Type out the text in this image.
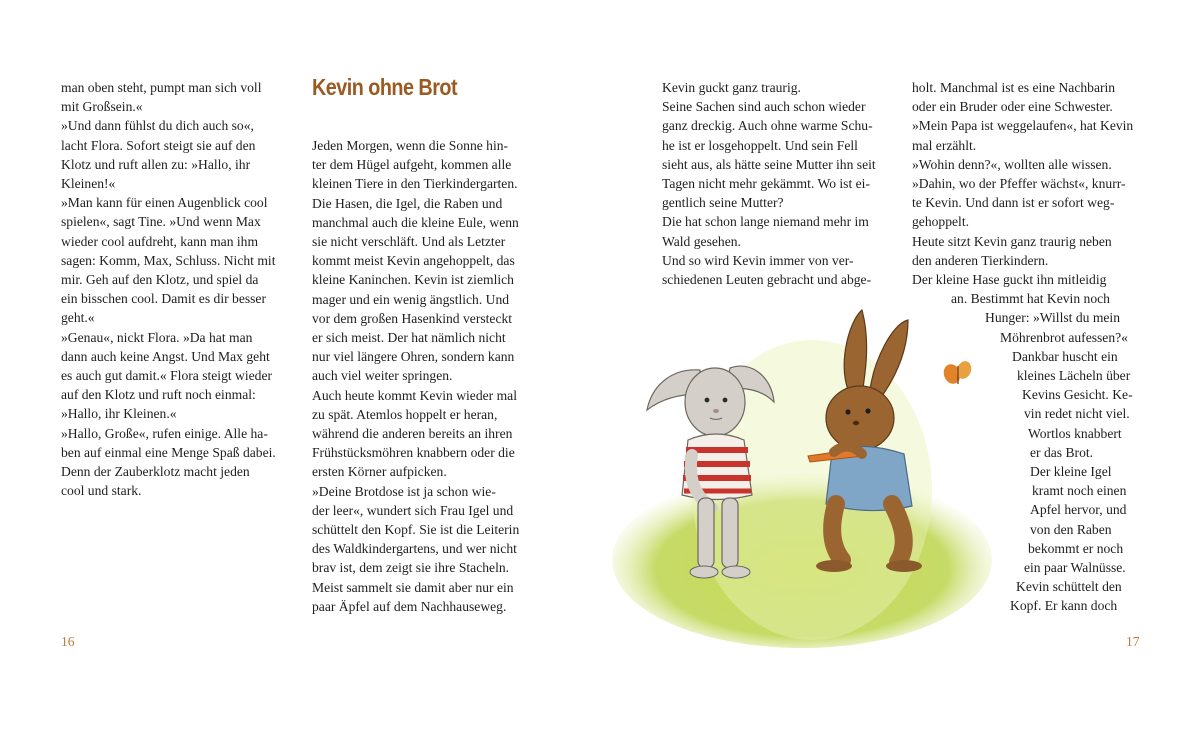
man oben steht, pumpt man sich voll
mit Großsein.«
»Und dann fühlst du dich auch so«,
lacht Flora. Sofort steigt sie auf den
Klotz und ruft allen zu: »Hallo, ihr
Kleinen!«
»Man kann für einen Augenblick cool
spielen«, sagt Tine. »Und wenn Max
wieder cool aufdreht, kann man ihm
sagen: Komm, Max, Schluss. Nicht mit
mir. Geh auf den Klotz, und spiel da
ein bisschen cool. Damit es dir besser
geht.«
»Genau«, nickt Flora. »Da hat man
dann auch keine Angst. Und Max geht
es auch gut damit.« Flora steigt wieder
auf den Klotz und ruft noch einmal:
»Hallo, ihr Kleinen.«
»Hallo, Große«, rufen einige. Alle ha-
ben auf einmal eine Menge Spaß dabei.
Denn der Zauberklotz macht jeden
cool und stark.
Kevin ohne Brot
Jeden Morgen, wenn die Sonne hin-
ter dem Hügel aufgeht, kommen alle
kleinen Tiere in den Tierkindergarten.
Die Hasen, die Igel, die Raben und
manchmal auch die kleine Eule, wenn
sie nicht verschläft. Und als Letzter
kommt meist Kevin angehoppelt, das
kleine Kaninchen. Kevin ist ziemlich
mager und ein wenig ängstlich. Und
vor dem großen Hasenkind versteckt
er sich meist. Der hat nämlich nicht
nur viel längere Ohren, sondern kann
auch viel weiter springen.
Auch heute kommt Kevin wieder mal
zu spät. Atemlos hoppelt er heran,
während die anderen bereits an ihren
Frühstücksmöhren knabbern oder die
ersten Körner aufpicken.
»Deine Brotdose ist ja schon wie-
der leer«, wundert sich Frau Igel und
schüttelt den Kopf. Sie ist die Leiterin
des Waldkindergartens, und wer nicht
brav ist, dem zeigt sie ihre Stacheln.
Meist sammelt sie damit aber nur ein
paar Äpfel auf dem Nachhauseweg.
Kevin guckt ganz traurig.
Seine Sachen sind auch schon wieder
ganz dreckig. Auch ohne warme Schu-
he ist er losgehoppelt. Und sein Fell
sieht aus, als hätte seine Mutter ihn seit
Tagen nicht mehr gekämmt. Wo ist ei-
gentlich seine Mutter?
Die hat schon lange niemand mehr im
Wald gesehen.
Und so wird Kevin immer von ver-
schiedenen Leuten gebracht und abge-
holt. Manchmal ist es eine Nachbarin
oder ein Bruder oder eine Schwester.
»Mein Papa ist weggelaufen«, hat Kevin
mal erzählt.
»Wohin denn?«, wollten alle wissen.
»Dahin, wo der Pfeffer wächst«, knurr-
te Kevin. Und dann ist er sofort weg-
gehoppelt.
Heute sitzt Kevin ganz traurig neben
den anderen Tierkindern.
Der kleine Hase guckt ihn mitleidig
an. Bestimmt hat Kevin noch
Hunger: »Willst du mein
Möhrenbrot aufessen?«
Dankbar huscht ein
kleines Lächeln über
Kevins Gesicht. Ke-
vin redet nicht viel.
Wortlos knabbert
er das Brot.
Der kleine Igel
kramt noch einen
Apfel hervor, und
von den Raben
bekommt er noch
ein paar Walnüsse.
Kevin schüttelt den
Kopf. Er kann doch
16	17
